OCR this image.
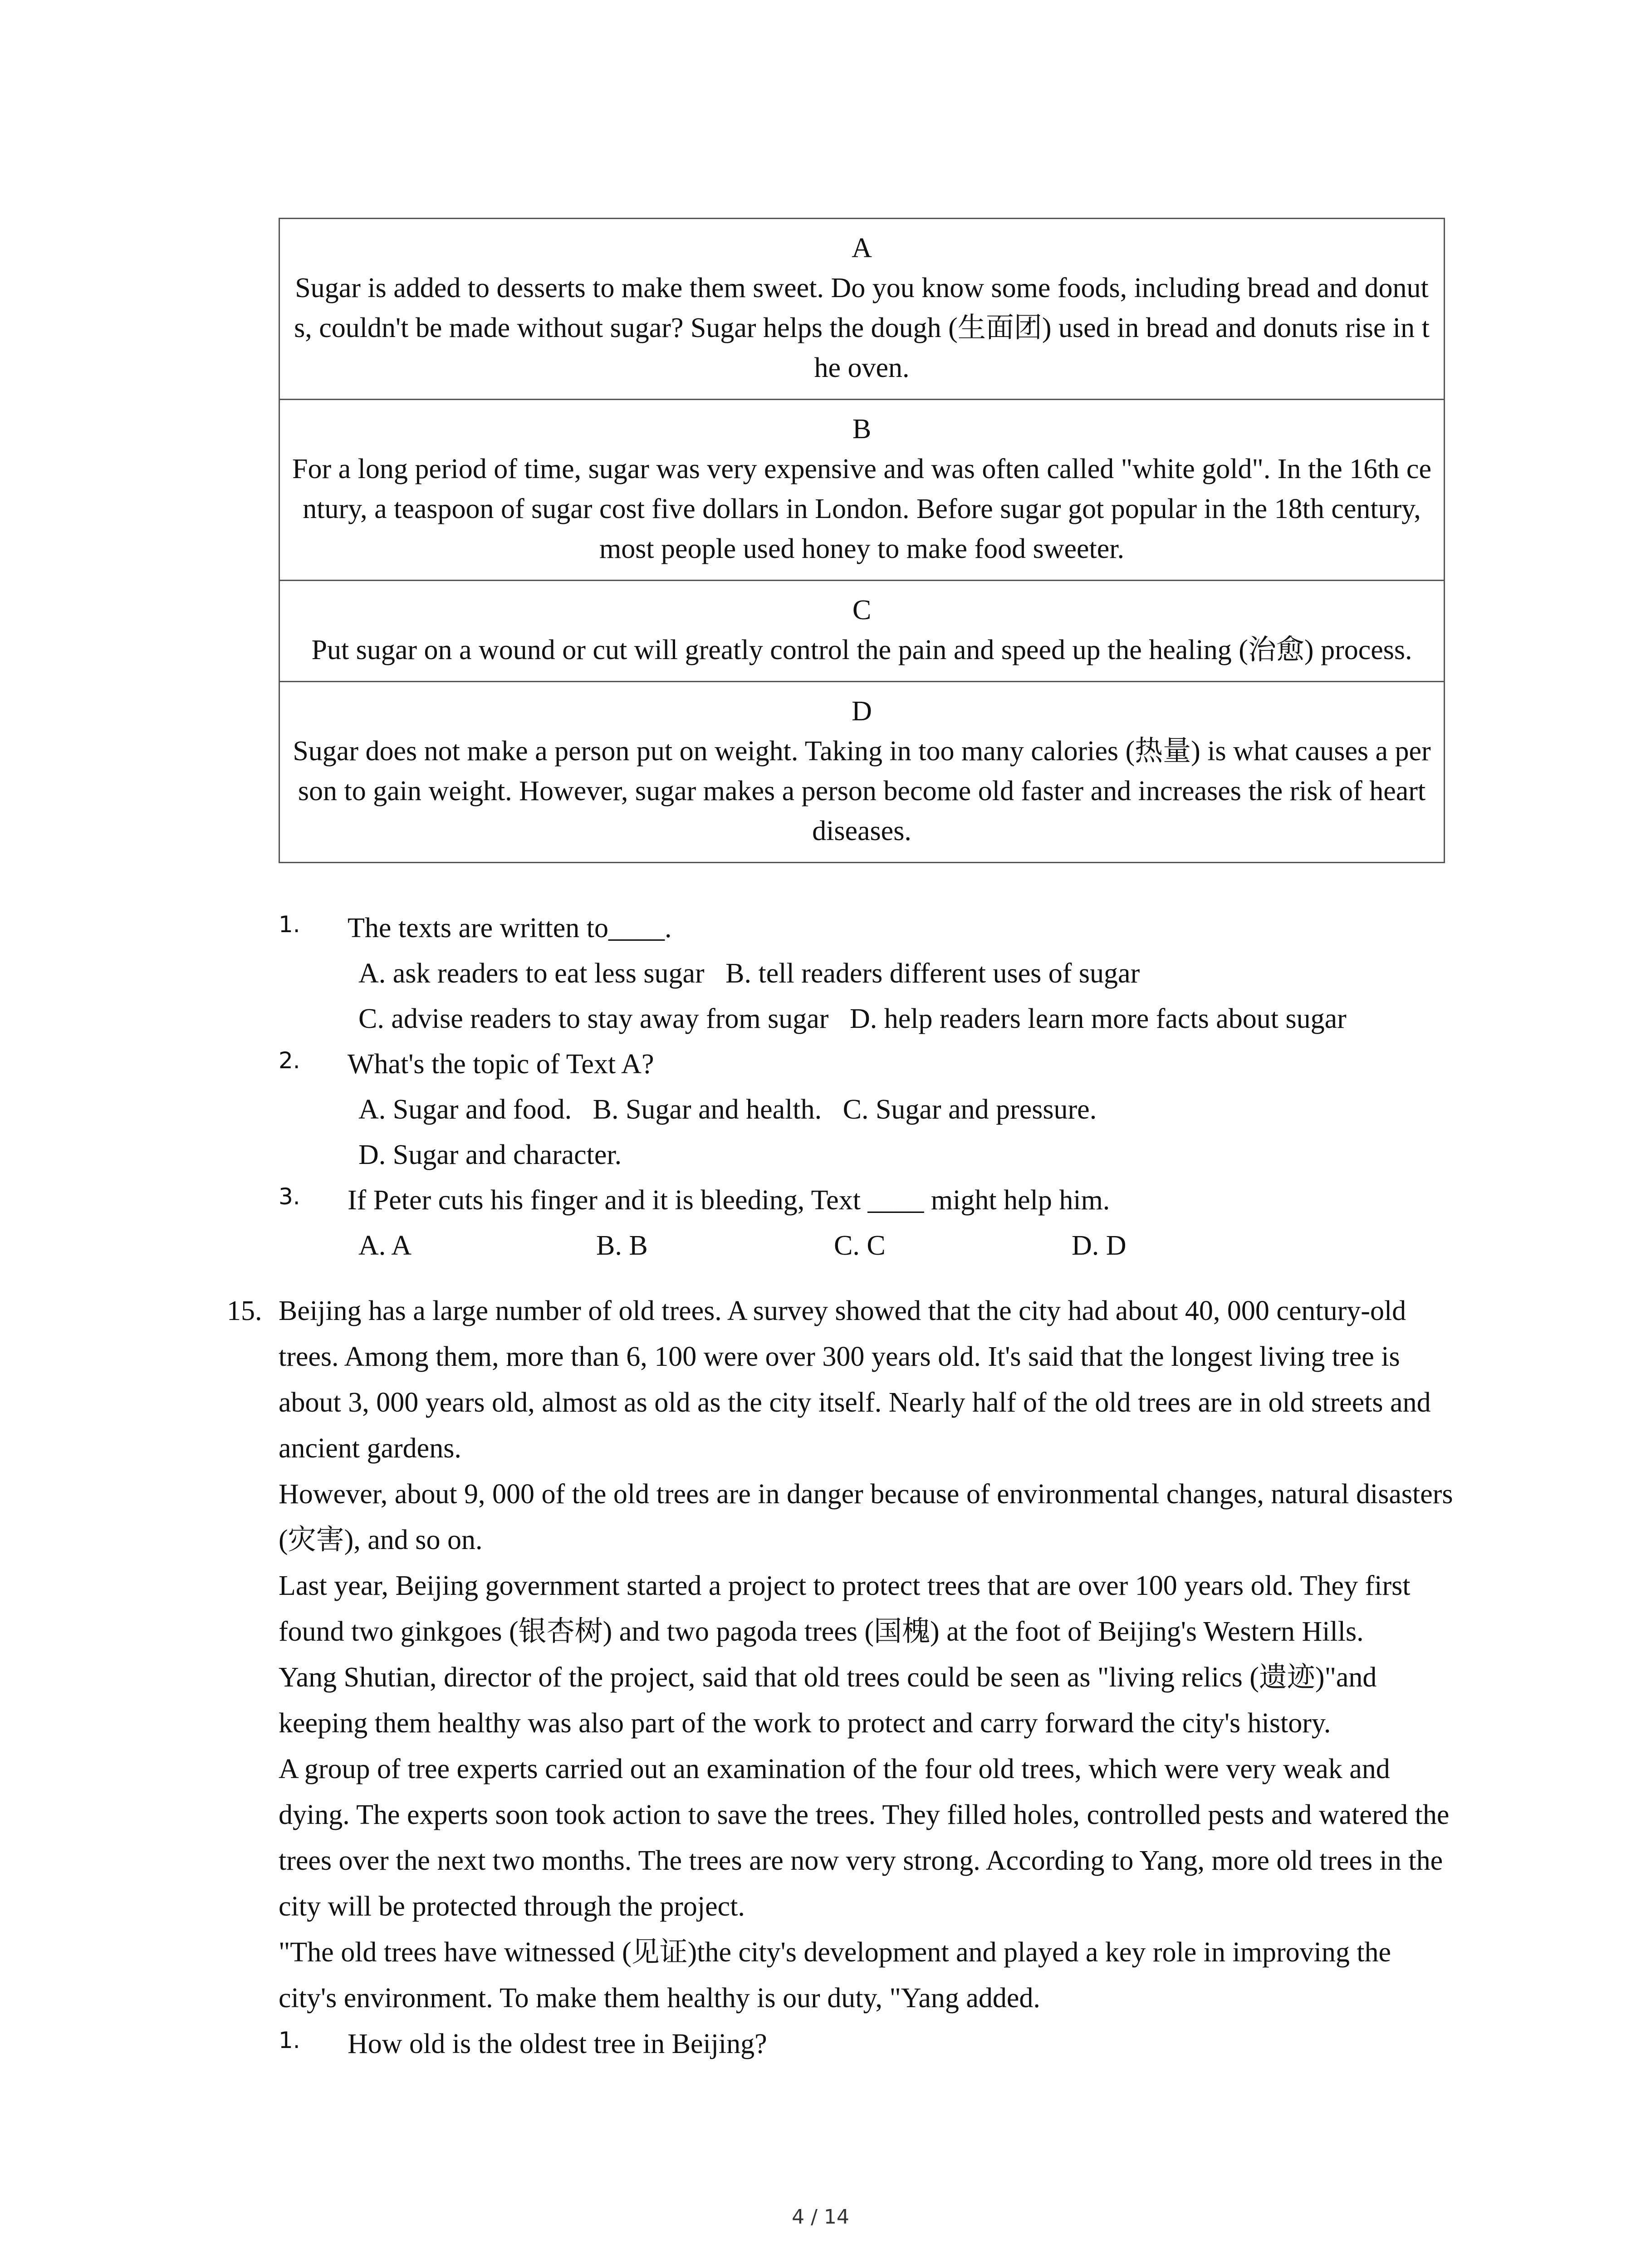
A
Sugar is added to desserts to make them sweet. Do you know some foods, including bread and donuts, couldn't be made without sugar? Sugar helps the dough (生面团) used in bread and donuts rise in the oven.

B
For a long period of time, sugar was very expensive and was often called "white gold". In the 16th century, a teaspoon of sugar cost five dollars in London. Before sugar got popular in the 18th century, most people used honey to make food sweeter.

C
Put sugar on a wound or cut will greatly control the pain and speed up the healing (治愈) process.

D
Sugar does not make a person put on weight. Taking in too many calories (热量) is what causes a person to gain weight. However, sugar makes a person become old faster and increases the risk of heart diseases.
1. The texts are written to____.
A. ask readers to eat less sugar   B. tell readers different uses of sugar
C. advise readers to stay away from sugar   D. help readers learn more facts about sugar
2. What's the topic of Text A?
A. Sugar and food.   B. Sugar and health.   C. Sugar and pressure.
D. Sugar and character.
3. If Peter cuts his finger and it is bleeding, Text ____ might help him.
A. A	B. B	C. C	D. D
15. Beijing has a large number of old trees. A survey showed that the city had about 40, 000 century-old trees. Among them, more than 6, 100 were over 300 years old. It's said that the longest living tree is about 3, 000 years old, almost as old as the city itself. Nearly half of the old trees are in old streets and ancient gardens.

However, about 9, 000 of the old trees are in danger because of environmental changes, natural disasters (灾害), and so on.

Last year, Beijing government started a project to protect trees that are over 100 years old. They first found two ginkgoes (银杏树) and two pagoda trees (国槐) at the foot of Beijing's Western Hills.

Yang Shutian, director of the project, said that old trees could be seen as "living relics (遗迹)"and keeping them healthy was also part of the work to protect and carry forward the city's history.

A group of tree experts carried out an examination of the four old trees, which were very weak and dying. The experts soon took action to save the trees. They filled holes, controlled pests and watered the trees over the next two months. The trees are now very strong. According to Yang, more old trees in the city will be protected through the project.

"The old trees have witnessed (见证)the city's development and played a key role in improving the city's environment. To make them healthy is our duty, "Yang added.

1. How old is the oldest tree in Beijing?
4 / 14
